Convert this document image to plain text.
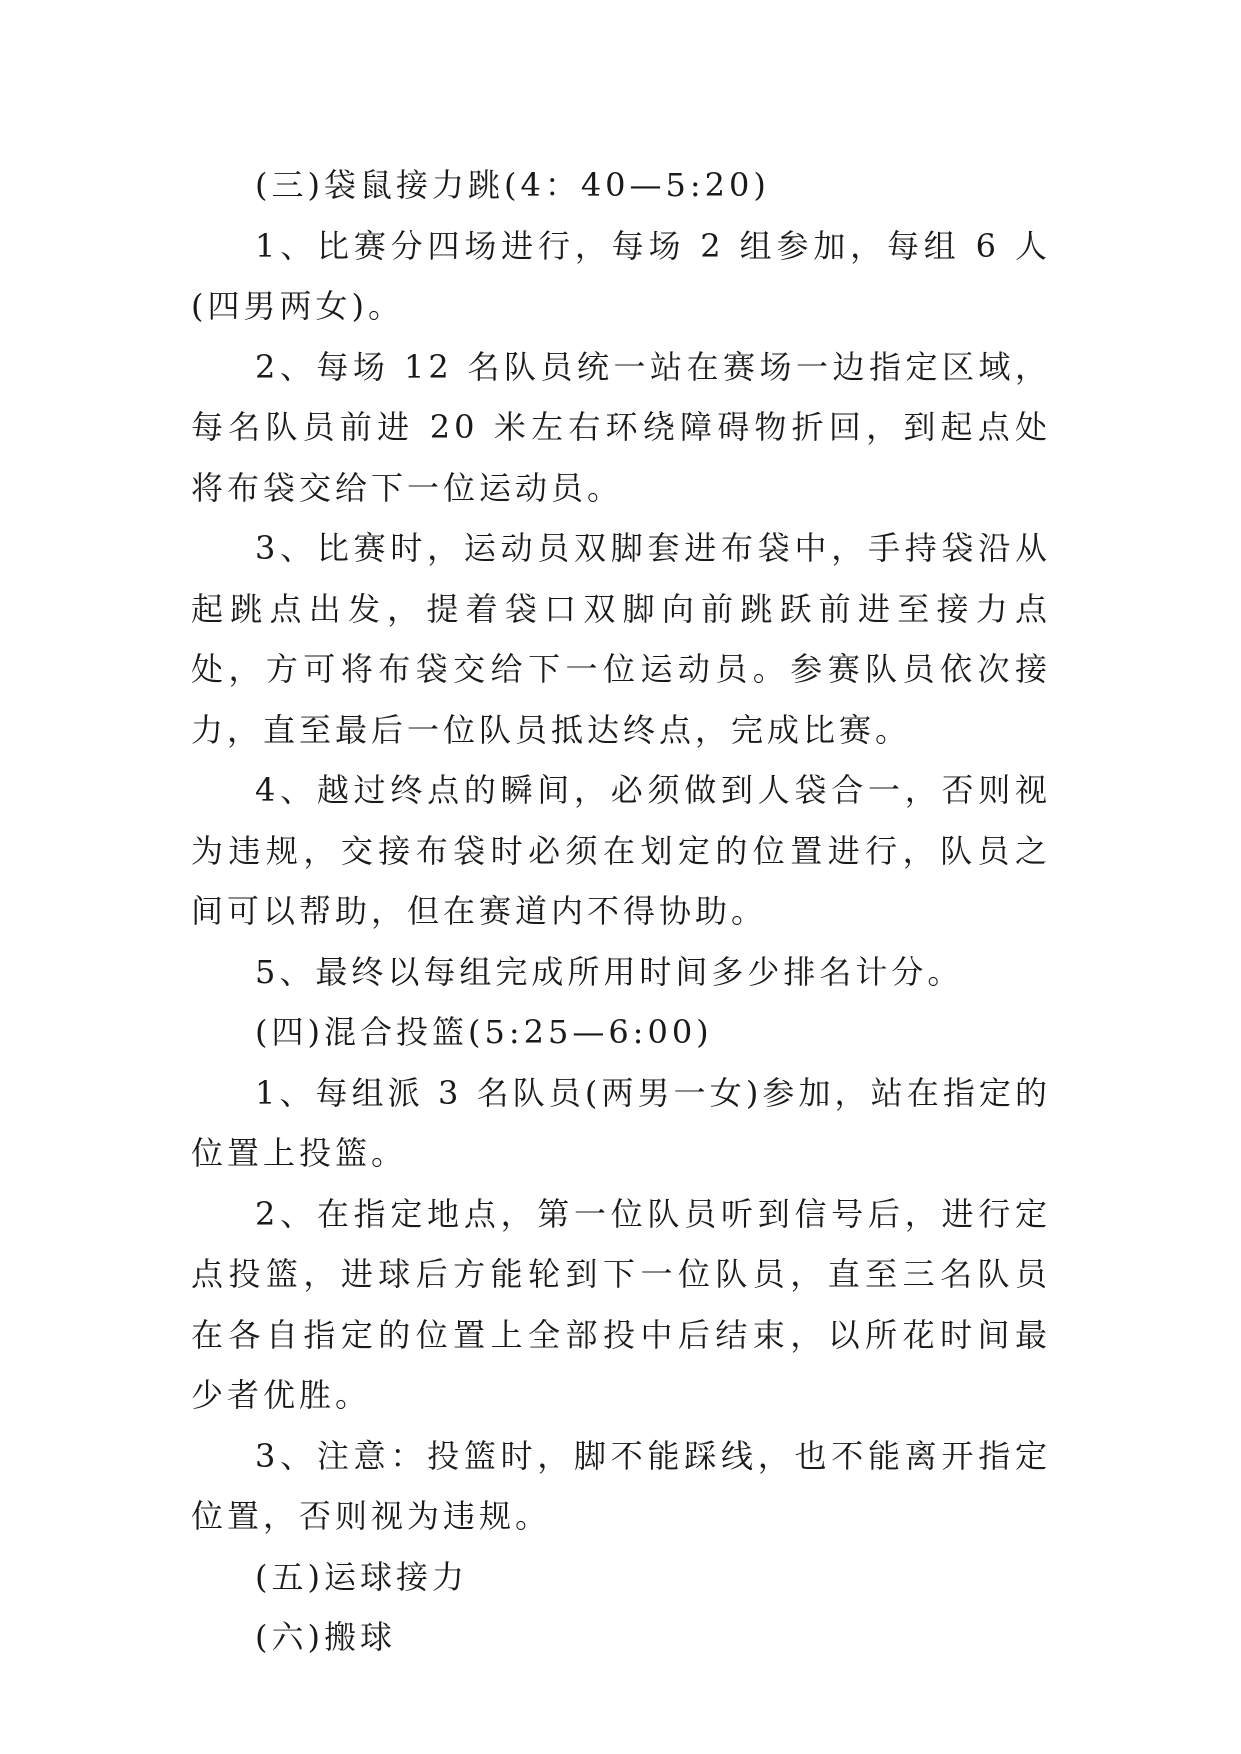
(三)袋鼠接力跳(4：40—5:20)

1、比赛分四场进行，每场 2 组参加，每组 6 人(四男两女)。

2、每场 12 名队员统一站在赛场一边指定区域，每名队员前进 20 米左右环绕障碍物折回，到起点处将布袋交给下一位运动员。

3、比赛时，运动员双脚套进布袋中，手持袋沿从起跳点出发，提着袋口双脚向前跳跃前进至接力点处，方可将布袋交给下一位运动员。参赛队员依次接力，直至最后一位队员抵达终点，完成比赛。

4、越过终点的瞬间，必须做到人袋合一，否则视为违规，交接布袋时必须在划定的位置进行，队员之间可以帮助，但在赛道内不得协助。

5、最终以每组完成所用时间多少排名计分。

(四)混合投篮(5:25—6:00)

1、每组派 3 名队员(两男一女)参加，站在指定的位置上投篮。

2、在指定地点，第一位队员听到信号后，进行定点投篮，进球后方能轮到下一位队员，直至三名队员在各自指定的位置上全部投中后结束，以所花时间最少者优胜。

3、注意：投篮时，脚不能踩线，也不能离开指定位置，否则视为违规。

(五)运球接力

(六)搬球
